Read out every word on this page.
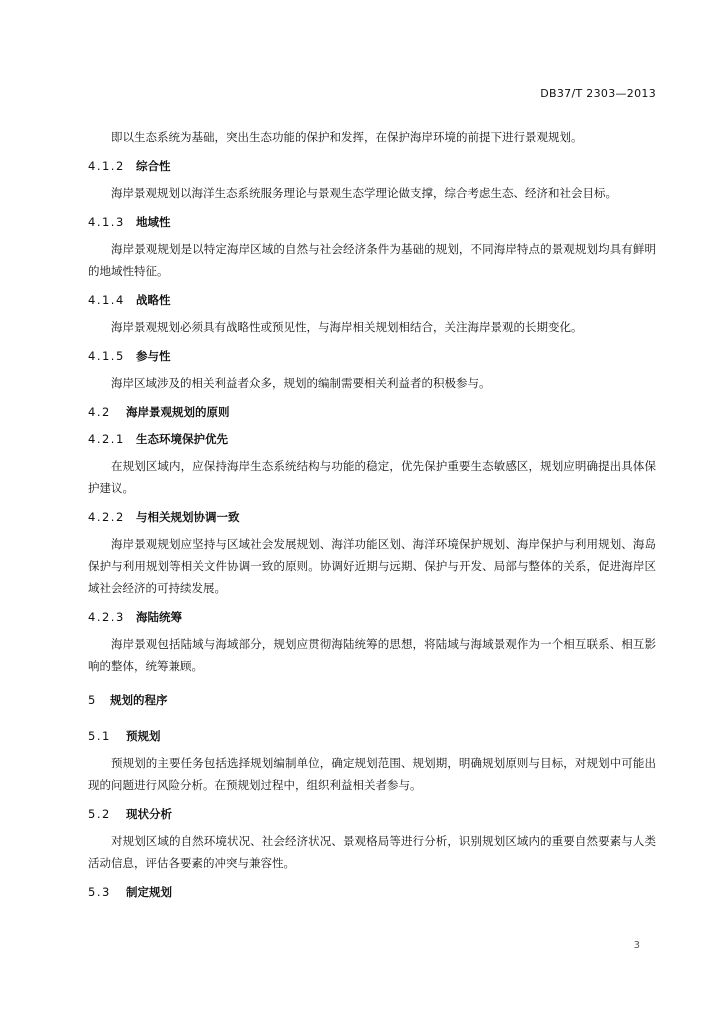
DB37/T 2303—2013

即以生态系统为基础，突出生态功能的保护和发挥，在保护海岸环境的前提下进行景观规划。

4.1.2 综合性

海岸景观规划以海洋生态系统服务理论与景观生态学理论做支撑，综合考虑生态、经济和社会目标。

4.1.3 地域性

海岸景观规划是以特定海岸区域的自然与社会经济条件为基础的规划，不同海岸特点的景观规划均具有鲜明的地域性特征。

4.1.4 战略性

海岸景观规划必须具有战略性或预见性，与海岸相关规划相结合，关注海岸景观的长期变化。

4.1.5 参与性

海岸区域涉及的相关利益者众多，规划的编制需要相关利益者的积极参与。

4.2 海岸景观规划的原则
4.2.1 生态环境保护优先

在规划区域内，应保持海岸生态系统结构与功能的稳定，优先保护重要生态敏感区，规划应明确提出具体保护建议。

4.2.2 与相关规划协调一致

海岸景观规划应坚持与区域社会发展规划、海洋功能区划、海洋环境保护规划、海岸保护与利用规划、海岛保护与利用规划等相关文件协调一致的原则。协调好近期与远期、保护与开发、局部与整体的关系，促进海岸区域社会经济的可持续发展。

4.2.3 海陆统筹

海岸景观包括陆域与海域部分，规划应贯彻海陆统筹的思想，将陆域与海域景观作为一个相互联系、相互影响的整体，统筹兼顾。

5 规划的程序
5.1 预规划

预规划的主要任务包括选择规划编制单位，确定规划范围、规划期，明确规划原则与目标，对规划中可能出现的问题进行风险分析。在预规划过程中，组织利益相关者参与。

5.2 现状分析

对规划区域的自然环境状况、社会经济状况、景观格局等进行分析，识别规划区域内的重要自然要素与人类活动信息，评估各要素的冲突与兼容性。

5.3 制定规划
3
